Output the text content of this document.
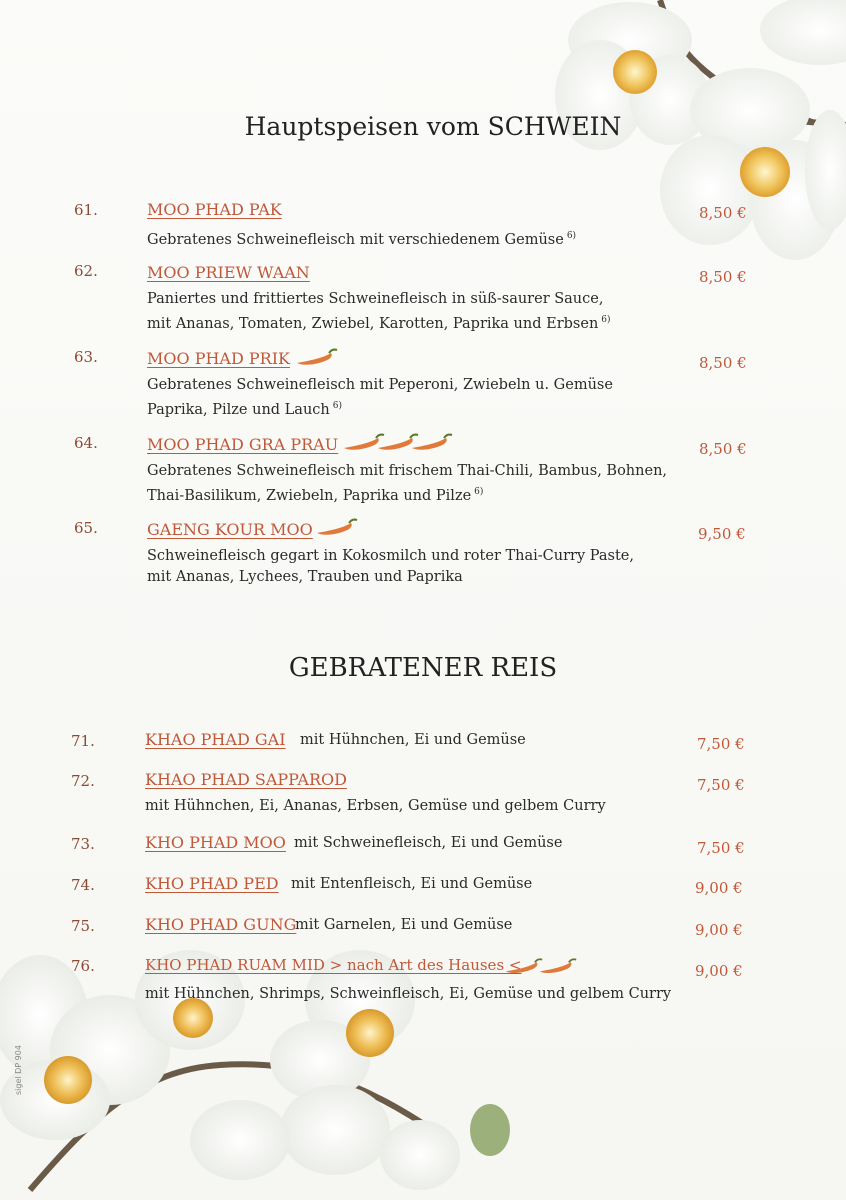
Hauptspeisen vom SCHWEIN
61.	MOO PHAD PAK
Gebratenes Schweinefleisch mit verschiedenem Gemüse $^{6)}$
8,50 €
62.	MOO PRIEW WAAN
Paniertes und frittiertes Schweinefleisch in süß-saurer Sauce,
mit Ananas, Tomaten, Zwiebel, Karotten, Paprika und Erbsen $^{6)}$
8,50 €
63.	MOO PHAD PRIK
Gebratenes Schweinefleisch mit Peperoni, Zwiebeln u. Gemüse
Paprika, Pilze und Lauch $^{6)}$
8,50 €
64.	MOO PHAD GRA PRAU
Gebratenes Schweinefleisch mit frischem Thai-Chili, Bambus, Bohnen,
Thai-Basilikum, Zwiebeln, Paprika und Pilze $^{6)}$
8,50 €
65.	GAENG KOUR MOO
Schweinefleisch gegart in Kokosmilch und roter Thai-Curry Paste,
mit Ananas, Lychees, Trauben und Paprika
9,50 €
GEBRATENER REIS
71.	KHAO PHAD GAI mit Hühnchen, Ei und Gemüse	7,50 €
72.	KHAO PHAD SAPPAROD
mit Hühnchen, Ei, Ananas, Erbsen, Gemüse und gelbem Curry
7,50 €
73.	KHO PHAD MOO mit Schweinefleisch, Ei und Gemüse	7,50 €
74.	KHO PHAD PED mit Entenfleisch, Ei und Gemüse	9,00 €
75.	KHO PHAD GUNG
mit Garnelen, Ei und Gemüse	9,00 €
76.	KHO PHAD RUAM MID > nach Art des Hauses <
mit Hühnchen, Shrimps, Schweinfleisch, Ei, Gemüse und gelbem Curry
9,00 €
sigel DP 904
